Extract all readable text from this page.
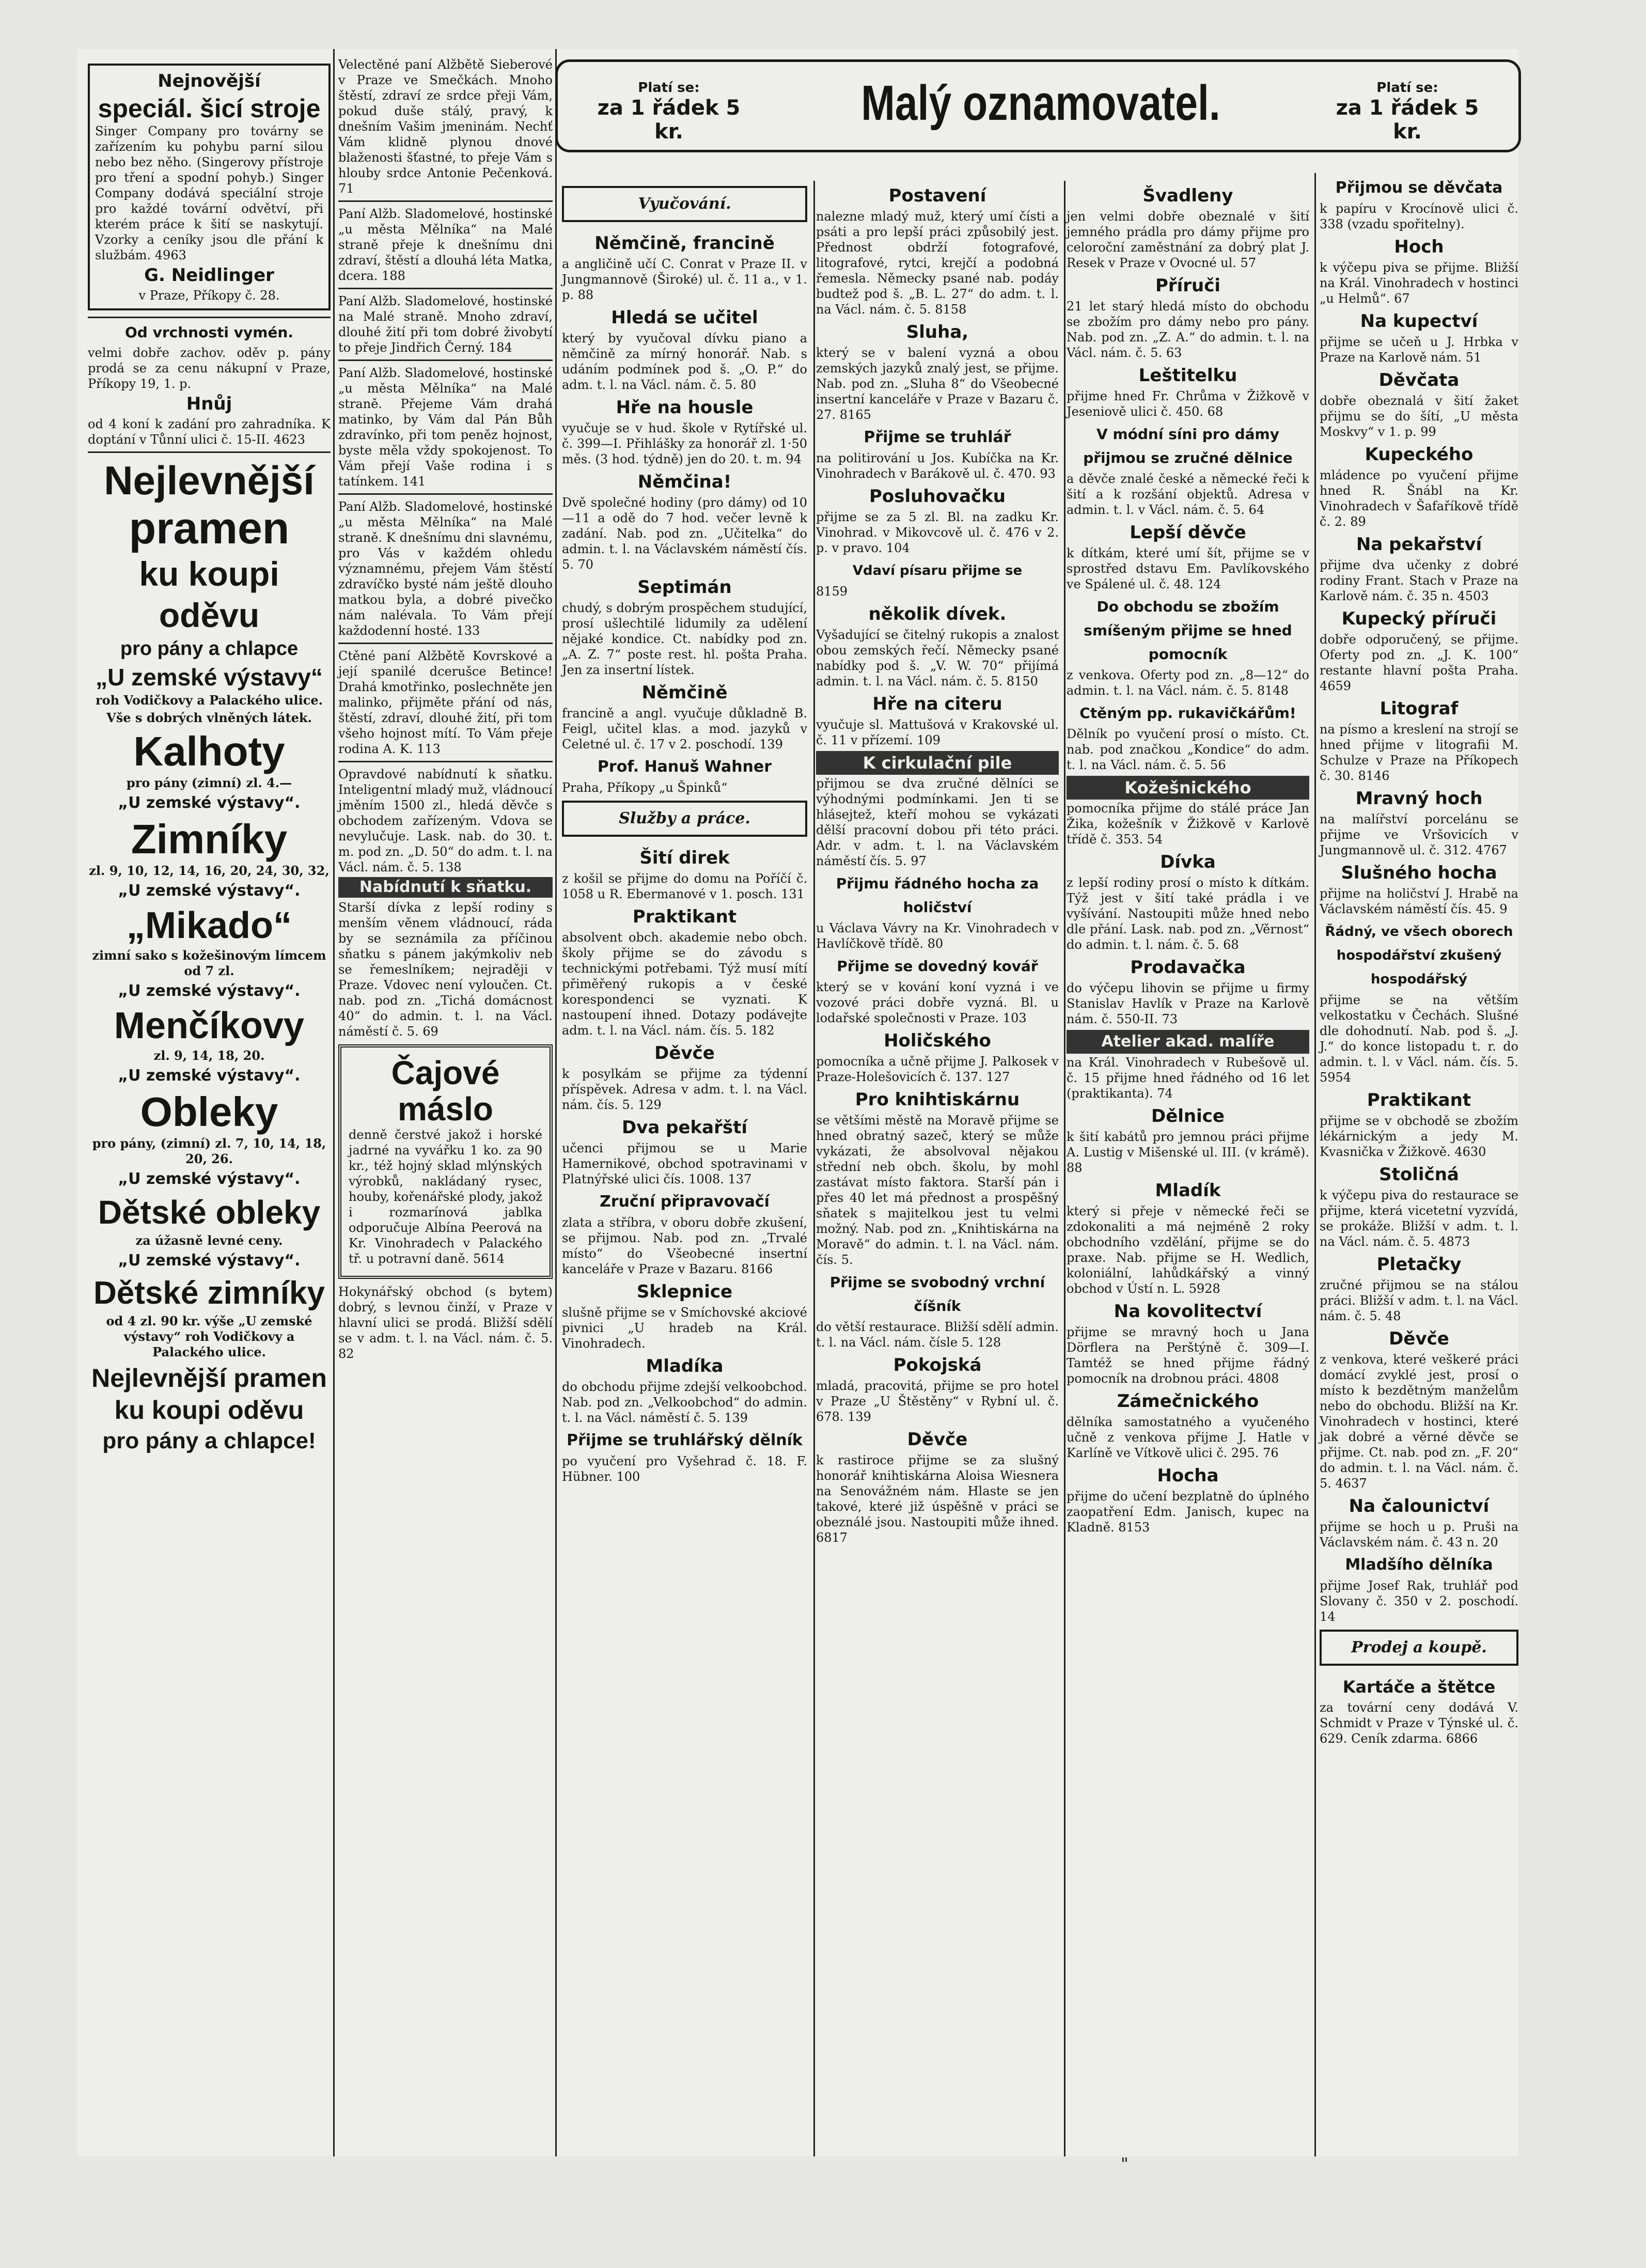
Platí se:
za 1 řádek 5 kr.
Malý oznamovatel.	Platí se:
za 1 řádek 5 kr.
Nejnovější
speciál. šicí stroje
Singer Company pro továrny se zařízením ku pohybu parní silou nebo bez něho. (Singerovy přístroje pro tření a spodní pohyb.) Singer Company dodává speciální stroje pro každé tovární odvětví, při kterém práce k šití se naskytují. Vzorky a ceníky jsou dle přání k službám. 4963
G. Neidlinger
v Praze, Příkopy č. 28.
Od vrchnosti vymén.
velmi dobře zachov. oděv p. pány prodá se za cenu nákupní v Praze, Příkopy 19, 1. p.
Hnůj
od 4 koní k zadání pro zahradníka. K doptání v Tůnní ulici č. 15-II. 4623
Nejlevnější
pramen
ku koupi oděvu
pro pány a chlapce
„U zemské výstavy“
roh Vodičkovy a Palackého ulice.
Vše s dobrých vlněných látek.
Kalhoty
pro pány (zimní) zl. 4.—
„U zemské výstavy“.
Zimníky
zl. 9, 10, 12, 14, 16, 20, 24, 30, 32,
„U zemské výstavy“.
„Mikado“
zimní sako s kožešinovým límcem od 7 zl.
„U zemské výstavy“.
Menčíkovy
zl. 9, 14, 18, 20.
„U zemské výstavy“.
Obleky
pro pány, (zimní) zl. 7, 10, 14, 18, 20, 26.
„U zemské výstavy“.
Dětské obleky
za úžasně levné ceny.
„U zemské výstavy“.
Dětské zimníky
od 4 zl. 90 kr. výše „U zemské výstavy“ roh Vodičkovy a Palackého ulice.
Nejlevnější pramen
ku koupi oděvu
pro pány a chlapce!
Velectěné paní Alžbětě Sieberové v Praze ve Smečkách. Mnoho štěstí, zdraví ze srdce přeji Vám, pokud duše stálý, pravý, k dnešním Vašim jmeninám. Nechť Vám klidně plynou dnové blaženosti šťastné, to přeje Vám s hlouby srdce Antonie Pečenková. 71
Paní Alžb. Sladomelové, hostinské „u města Mělníka“ na Malé straně přeje k dnešnímu dni zdraví, štěstí a dlouhá léta Matka, dcera. 188
Paní Alžb. Sladomelové, hostinské na Malé straně. Mnoho zdraví, dlouhé žití při tom dobré živobytí to přeje Jindřich Černý. 184
Paní Alžb. Sladomelové, hostinské „u města Mělníka“ na Malé straně. Přejeme Vám drahá matinko, by Vám dal Pán Bůh zdravínko, při tom peněz hojnost, byste měla vždy spokojenost. To Vám přejí Vaše rodina i s tatínkem. 141
Paní Alžb. Sladomelové, hostinské „u města Mělníka“ na Malé straně. K dnešnímu dni slavnému, pro Vás v každém ohledu významnému, přejem Vám štěstí zdravíčko bysté nám ještě dlouho matkou byla, a dobré pivečko nám nalévala. To Vám přejí každodenní hosté. 133
Ctěné paní Alžbětě Kovrskové a její spanilé dcerušce Betince! Drahá kmotřinko, poslechněte jen malinko, přijměte přání od nás, štěstí, zdraví, dlouhé žití, při tom všeho hojnost mítí. To Vám přeje rodina A. K. 113
Opravdové nabídnutí k sňatku. Inteligentní mladý muž, vládnoucí jměním 1500 zl., hledá děvče s obchodem zařízeným. Vdova se nevylučuje. Lask. nab. do 30. t. m. pod zn. „D. 50“ do adm. t. l. na Václ. nám. č. 5. 138
Nabídnutí k sňatku.
Starší dívka z lepší rodiny s menším věnem vládnoucí, ráda by se seznámila za příčinou sňatku s pánem jakýmkoliv neb se řemeslníkem; nejraději v Praze. Vdovec není vyloučen. Ct. nab. pod zn. „Tichá domácnost 40“ do admin. t. l. na Václ. náměstí č. 5. 69
Čajové máslo
denně čerstvé jakož i horské jadrné na vyvářku 1 ko. za 90 kr., též hojný sklad mlýnských výrobků, nakládaný rysec, houby, kořenářské plody, jakož i rozmarínová jablka odporučuje Albína Peerová na Kr. Vinohradech v Palackého tř. u potravní daně. 5614
Hokynářský obchod (s bytem) dobrý, s levnou činží, v Praze v hlavní ulici se prodá. Bližší sdělí se v adm. t. l. na Václ. nám. č. 5. 82
Vyučování.
Němčině, francině
a angličině učí C. Conrat v Praze II. v Jungmannově (Široké) ul. č. 11 a., v 1. p. 88
Hledá se učitel
který by vyučoval dívku piano a němčině za mírný honorář. Nab. s udáním podmínek pod š. „O. P.“ do adm. t. l. na Václ. nám. č. 5. 80
Hře na housle
vyučuje se v hud. škole v Rytířské ul. č. 399—I. Přihlášky za honorář zl. 1·50 měs. (3 hod. týdně) jen do 20. t. m. 94
Němčina!
Dvě společné hodiny (pro dámy) od 10—11 a odě do 7 hod. večer levně k zadání. Nab. pod zn. „Učitelka“ do admin. t. l. na Václavském náměstí čís. 5. 70
Septimán
chudý, s dobrým prospěchem studující, prosí ušlechtilé lidumily za udělení nějaké kondice. Ct. nabídky pod zn. „A. Z. 7“ poste rest. hl. pošta Praha. Jen za insertní lístek.
Němčině
francině a angl. vyučuje důkladně B. Feigl, učitel klas. a mod. jazyků v Celetné ul. č. 17 v 2. poschodí. 139
Prof. Hanuš Wahner
Praha, Příkopy „u Špinků“
Služby a práce.
Šití direk
z košil se přijme do domu na Poříčí č. 1058 u R. Ebermanové v 1. posch. 131
Praktikant
absolvent obch. akademie nebo obch. školy přijme se do závodu s technickými potřebami. Týž musí mítí přiměřený rukopis a v české korespondenci se vyznati. K nastoupení ihned. Dotazy podávejte adm. t. l. na Václ. nám. čís. 5. 182
Děvče
k posylkám se přijme za týdenní příspěvek. Adresa v adm. t. l. na Václ. nám. čís. 5. 129
Dva pekařští
učenci přijmou se u Marie Hamernikové, obchod spotravinami v Platnýřské ulici čís. 1008. 137
Zruční připravovačí
zlata a stříbra, v oboru dobře zkušení, se přijmou. Nab. pod zn. „Trvalé místo“ do Všeobecné insertní kanceláře v Praze v Bazaru. 8166
Sklepnice
slušně přijme se v Smíchovské akciové pivnici „U hradeb na Král. Vinohradech.
Mladíka
do obchodu přijme zdejší velkoobchod. Nab. pod zn. „Velkoobchod“ do admin. t. l. na Václ. náměstí č. 5. 139
Přijme se truhlářský dělník
po vyučení pro Vyšehrad č. 18. F. Hübner. 100
Postavení
nalezne mladý muž, který umí čísti a psáti a pro lepší práci způsobilý jest. Přednost obdrží fotografové, litografové, rytci, krejčí a podobná řemesla. Německy psané nab. podáy budtež pod š. „B. L. 27“ do adm. t. l. na Václ. nám. č. 5. 8158
Sluha,
který se v balení vyzná a obou zemských jazyků znalý jest, se přijme. Nab. pod zn. „Sluha 8“ do Všeobecné insertní kanceláře v Praze v Bazaru č. 27. 8165
Přijme se truhlář
na politirování u Jos. Kubíčka na Kr. Vinohradech v Barákově ul. č. 470. 93
Posluhovačku
přijme se za 5 zl. Bl. na zadku Kr. Vinohrad. v Mikovcově ul. č. 476 v 2. p. v pravo. 104
Vdaví písaru přijme se
8159
několik dívek.
Vyšadující se čitelný rukopis a znalost obou zemských řečí. Německy psané nabídky pod š. „V. W. 70“ přijímá admin. t. l. na Václ. nám. č. 5. 8150
Hře na citeru
vyučuje sl. Mattušová v Krakovské ul. č. 11 v přízemí. 109
K cirkulační pile
přijmou se dva zručné dělníci se výhodnými podmínkami. Jen ti se hlásejtež, kteří mohou se vykázati dělší pracovní dobou při této práci. Adr. v adm. t. l. na Václavském náměstí čís. 5. 97
Přijmu řádného hocha za holičství
u Václava Vávry na Kr. Vinohradech v Havlíčkově třídě. 80
Přijme se dovedný kovář
který se v kování koní vyzná i ve vozové práci dobře vyzná. Bl. u lodařské společnosti v Praze. 103
Holičského
pomocníka a učně přijme J. Palkosek v Praze-Holešovicích č. 137. 127
Pro knihtiskárnu
se většími městě na Moravě přijme se hned obratný sazeč, který se může vykázati, že absolvoval nějakou střední neb obch. školu, by mohl zastávat místo faktora. Starší pán i přes 40 let má přednost a prospěšný sňatek s majitelkou jest tu velmi možný. Nab. pod zn. „Knihtiskárna na Moravě“ do admin. t. l. na Václ. nám. čís. 5.
Přijme se svobodný vrchní číšník
do větší restaurace. Bližší sdělí admin. t. l. na Václ. nám. čísle 5. 128
Pokojská
mladá, pracovitá, přijme se pro hotel v Praze „U Štěstěny“ v Rybní ul. č. 678. 139
Děvče
k rastiroce přijme se za slušný honorář knihtiskárna Aloisa Wiesnera na Senovážném nám. Hlaste se jen takové, které již úspěšně v práci se obeználé jsou. Nastoupiti může ihned. 6817
Švadleny
jen velmi dobře obeznalé v šití jemného prádla pro dámy přijme pro celoroční zaměstnání za dobrý plat J. Resek v Praze v Ovocné ul. 57
Příruči
21 let starý hledá místo do obchodu se zbožím pro dámy nebo pro pány. Nab. pod zn. „Z. A.“ do admin. t. l. na Václ. nám. č. 5. 63
Leštitelku
přijme hned Fr. Chrůma v Žižkově v Jeseniově ulici č. 450. 68
V módní síni pro dámy přijmou se zručné dělnice
a děvče znalé české a německé řeči k šití a k rozšání objektů. Adresa v admin. t. l. v Václ. nám. č. 5. 64
Lepší děvče
k dítkám, které umí šít, přijme se v sprostřed dstavu Em. Pavlíkovského ve Spálené ul. č. 48. 124
Do obchodu se zbožím smíšeným přijme se hned pomocník
z venkova. Oferty pod zn. „8—12“ do admin. t. l. na Václ. nám. č. 5. 8148
Ctěným pp. rukavičkářům!
Dělník po vyučení prosí o místo. Ct. nab. pod značkou „Kondice“ do adm. t. l. na Václ. nám. č. 5. 56
Kožešnického
pomocníka přijme do stálé práce Jan Žika, kožešník v Žižkově v Karlově třídě č. 353. 54
Dívka
z lepší rodiny prosí o místo k dítkám. Týž jest v šití také prádla i ve vyšívání. Nastoupiti může hned nebo dle přání. Lask. nab. pod zn. „Věrnost“ do admin. t. l. nám. č. 5. 68
Prodavačka
do výčepu lihovin se přijme u firmy Stanislav Havlík v Praze na Karlově nám. č. 550-II. 73
Atelier akad. malíře
na Král. Vinohradech v Rubešově ul. č. 15 přijme hned řádného od 16 let (praktikanta). 74
Dělnice
k šití kabátů pro jemnou práci přijme A. Lustig v Mišenské ul. III. (v krámě). 88
Mladík
který si přeje v německé řeči se zdokonaliti a má nejméně 2 roky obchodního vzdělání, přijme se do praxe. Nab. přijme se H. Wedlich, koloniální, lahůdkářský a vinný obchod v Ústí n. L. 5928
Na kovolitectví
přijme se mravný hoch u Jana Dörflera na Perštýně č. 309—I. Tamtéž se hned přijme řádný pomocník na drobnou práci. 4808
Zámečnického
dělníka samostatného a vyučeného učně z venkova přijme J. Hatle v Karlíně ve Vítkově ulici č. 295. 76
Hocha
přijme do učení bezplatně do úplného zaopatření Edm. Janisch, kupec na Kladně. 8153
Přijmou se děvčata
k papíru v Krocínově ulici č. 338 (vzadu spořitelny).
Hoch
k výčepu piva se přijme. Bližší na Král. Vinohradech v hostinci „u Helmů“. 67
Na kupectví
přijme se učeň u J. Hrbka v Praze na Karlově nám. 51
Děvčata
dobře obeznalá v šití žaket přijmu se do šítí, „U města Moskvy“ v 1. p. 99
Kupeckého
mládence po vyučení přijme hned R. Šnábl na Kr. Vinohradech v Šafaříkově třídě č. 2. 89
Na pekařství
přijme dva učenky z dobré rodiny Frant. Stach v Praze na Karlově nám. č. 35 n. 4503
Kupecký příruči
dobře odporučený, se přijme. Oferty pod zn. „J. K. 100“ restante hlavní pošta Praha. 4659
Litograf
na písmo a kreslení na strojí se hned přijme v litografii M. Schulze v Praze na Příkopech č. 30. 8146
Mravný hoch
na malířství porcelánu se přijme ve Vršovicích v Jungmannově ul. č. 312. 4767
Slušného hocha
přijme na holičství J. Hrabě na Václavském náměstí čís. 45. 9
Řádný, ve všech oborech hospodářství zkušený hospodářský
přijme se na větším velkostatku v Čechách. Slušné dle dohodnutí. Nab. pod š. „J. J.“ do konce listopadu t. r. do admin. t. l. v Václ. nám. čís. 5. 5954
Praktikant
přijme se v obchodě se zbožím lékárnickým a jedy M. Kvasnička v Žižkově. 4630
Stoličná
k výčepu piva do restaurace se přijme, která vicetetní vyzvídá, se prokáže. Bližší v adm. t. l. na Václ. nám. č. 5. 4873
Pletačky
zručné přijmou se na stálou práci. Bližší v adm. t. l. na Václ. nám. č. 5. 48
Děvče
z venkova, které veškeré práci domácí zvyklé jest, prosí o místo k bezdětným manželům nebo do obchodu. Bližší na Kr. Vinohradech v hostinci, které jak dobré a věrné děvče se přijme. Ct. nab. pod zn. „F. 20“ do admin. t. l. na Václ. nám. č. 5. 4637
Na čalounictví
přijme se hoch u p. Pruši na Václavském nám. č. 43 n. 20
Mladšího dělníka
přijme Josef Rak, truhlář pod Slovany č. 350 v 2. poschodí. 14
Prodej a koupě.
Kartáče a štětce
za tovární ceny dodává V. Schmidt v Praze v Týnské ul. č. 629. Ceník zdarma. 6866
"
